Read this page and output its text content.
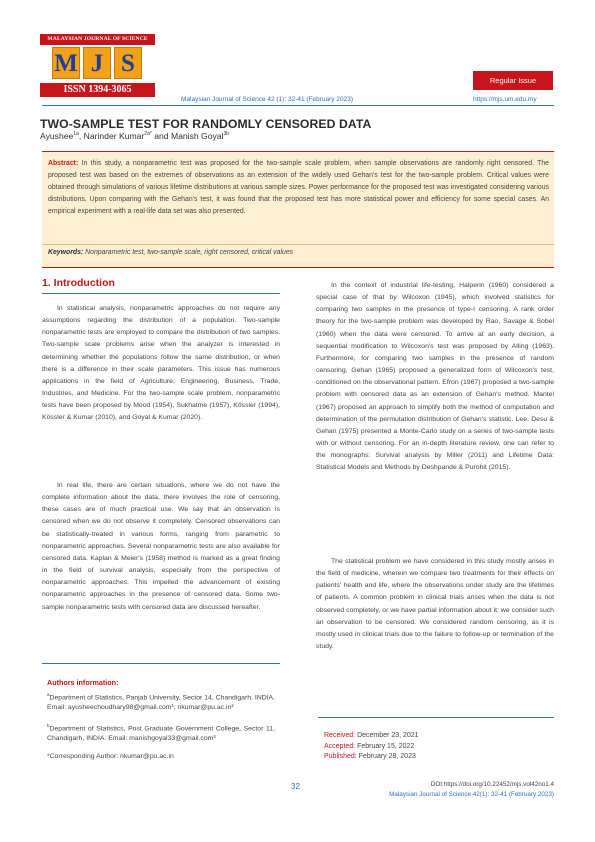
MALAYSIAN JOURNAL OF SCIENCE
M J S
ISSN 1394-3065
Regular Issue
Malaysian Journal of Science 42 (1): 32-41 (February 2023)	https://mjs.um.edu.my
TWO-SAMPLE TEST FOR RANDOMLY CENSORED DATA
Ayushee$^{1a}$, Narinder Kumar$^{2a*}$ and Manish Goyal$^{3b}$
Abstract: In this study, a nonparametric test was proposed for the two-sample scale problem, when sample observations are randomly right censored. The proposed test was based on the extremes of observations as an extension of the widely used Gehan's test for the two-sample problem. Critical values were obtained through simulations of various lifetime distributions at various sample sizes. Power performance for the proposed test was investigated considering various distributions. Upon comparing with the Gehan's test, it was found that the proposed test has more statistical power and efficiency for some special cases. An empirical experiment with a real-life data set was also presented.
Keywords: Nonparametric test, two-sample scale, right censored, critical values
1. Introduction
In statistical analysis, nonparametric approaches do not require any assumptions regarding the distribution of a population. Two-sample nonparametric tests are employed to compare the distribution of two samples. Two-sample scale problems arise when the analyzer is interested in determining whether the populations follow the same distribution, or when there is a difference in their scale parameters. This issue has numerous applications in the field of Agriculture, Engineering, Business, Trade, Industries, and Medicine. For the two-sample scale problem, nonparametric tests have been proposed by Mood (1954), Sukhatme (1957), Kössler (1994), Kössler & Kumar (2010), and Goyal & Kumar (2020).
In real life, there are certain situations, where we do not have the complete information about the data, there involves the role of censoring, these cases are of much practical use. We say that an observation is censored when we do not observe it completely. Censored observations can be statistically-treated in various forms, ranging from parametric to nonparametric approaches. Several nonparametric tests are also available for censored data. Kaplan & Meier's (1958) method is marked as a great finding in the field of survival analysis, especially from the perspective of nonparametric approaches. This impelled the advancement of existing nonparametric approaches in the presence of censored data. Some two-sample nonparametric tests with censored data are discussed hereafter.
Authors information:
$^a$Department of Statistics, Panjab University, Sector 14, Chandigarh, INDIA. Email: ayusheechoudhary98@gmail.com¹; nkumar@pu.ac.in²
$^b$Department of Statistics, Post Graduate Government College, Sector 11, Chandigarh, INDIA. Email: manishgoyal33@gmail.com³
*Corresponding Author: nkumar@pu.ac.in
In the context of industrial life-testing, Halperin (1960) considered a special case of that by Wilcoxon (1945), which involved statistics for comparing two samples in the presence of type-I censoring. A rank order theory for the two-sample problem was developed by Rao, Savage & Sobel (1960) when the data were censored. To arrive at an early decision, a sequential modification to Wilcoxon's test was proposed by Alling (1963). Furthermore, for comparing two samples in the presence of random censoring, Gehan (1965) proposed a generalized form of Wilcoxon's test, conditioned on the observational pattern. Efron (1967) proposed a two-sample problem with censored data as an extension of Gehan's method. Mantel (1967) proposed an approach to simplify both the method of computation and determination of the permutation distribution of Gehan's statistic. Lee, Desu & Gehan (1975) presented a Monte-Carlo study on a series of two-sample tests with or without censoring. For an in-depth literature review, one can refer to the monographs: Survival analysis by Miller (2011) and Lifetime Data: Statistical Models and Methods by Deshpande & Purohit (2015).
The statistical problem we have considered in this study mostly arises in the field of medicine, wherein we compare two treatments for their effects on patients' health and life, where the observations under study are the lifetimes of patients. A common problem in clinical trials arises when the data is not observed completely, or we have partial information about it; we consider such an observation to be censored. We considered random censoring, as it is mostly used in clinical trials due to the failure to follow-up or termination of the study.
Received: December 23, 2021
Accepted: February 15, 2022
Published: February 28, 2023
32	DOI:https://doi.org/10.22452/mjs.vol42no1.4
Malaysian Journal of Science 42(1): 32-41 (February 2023)
